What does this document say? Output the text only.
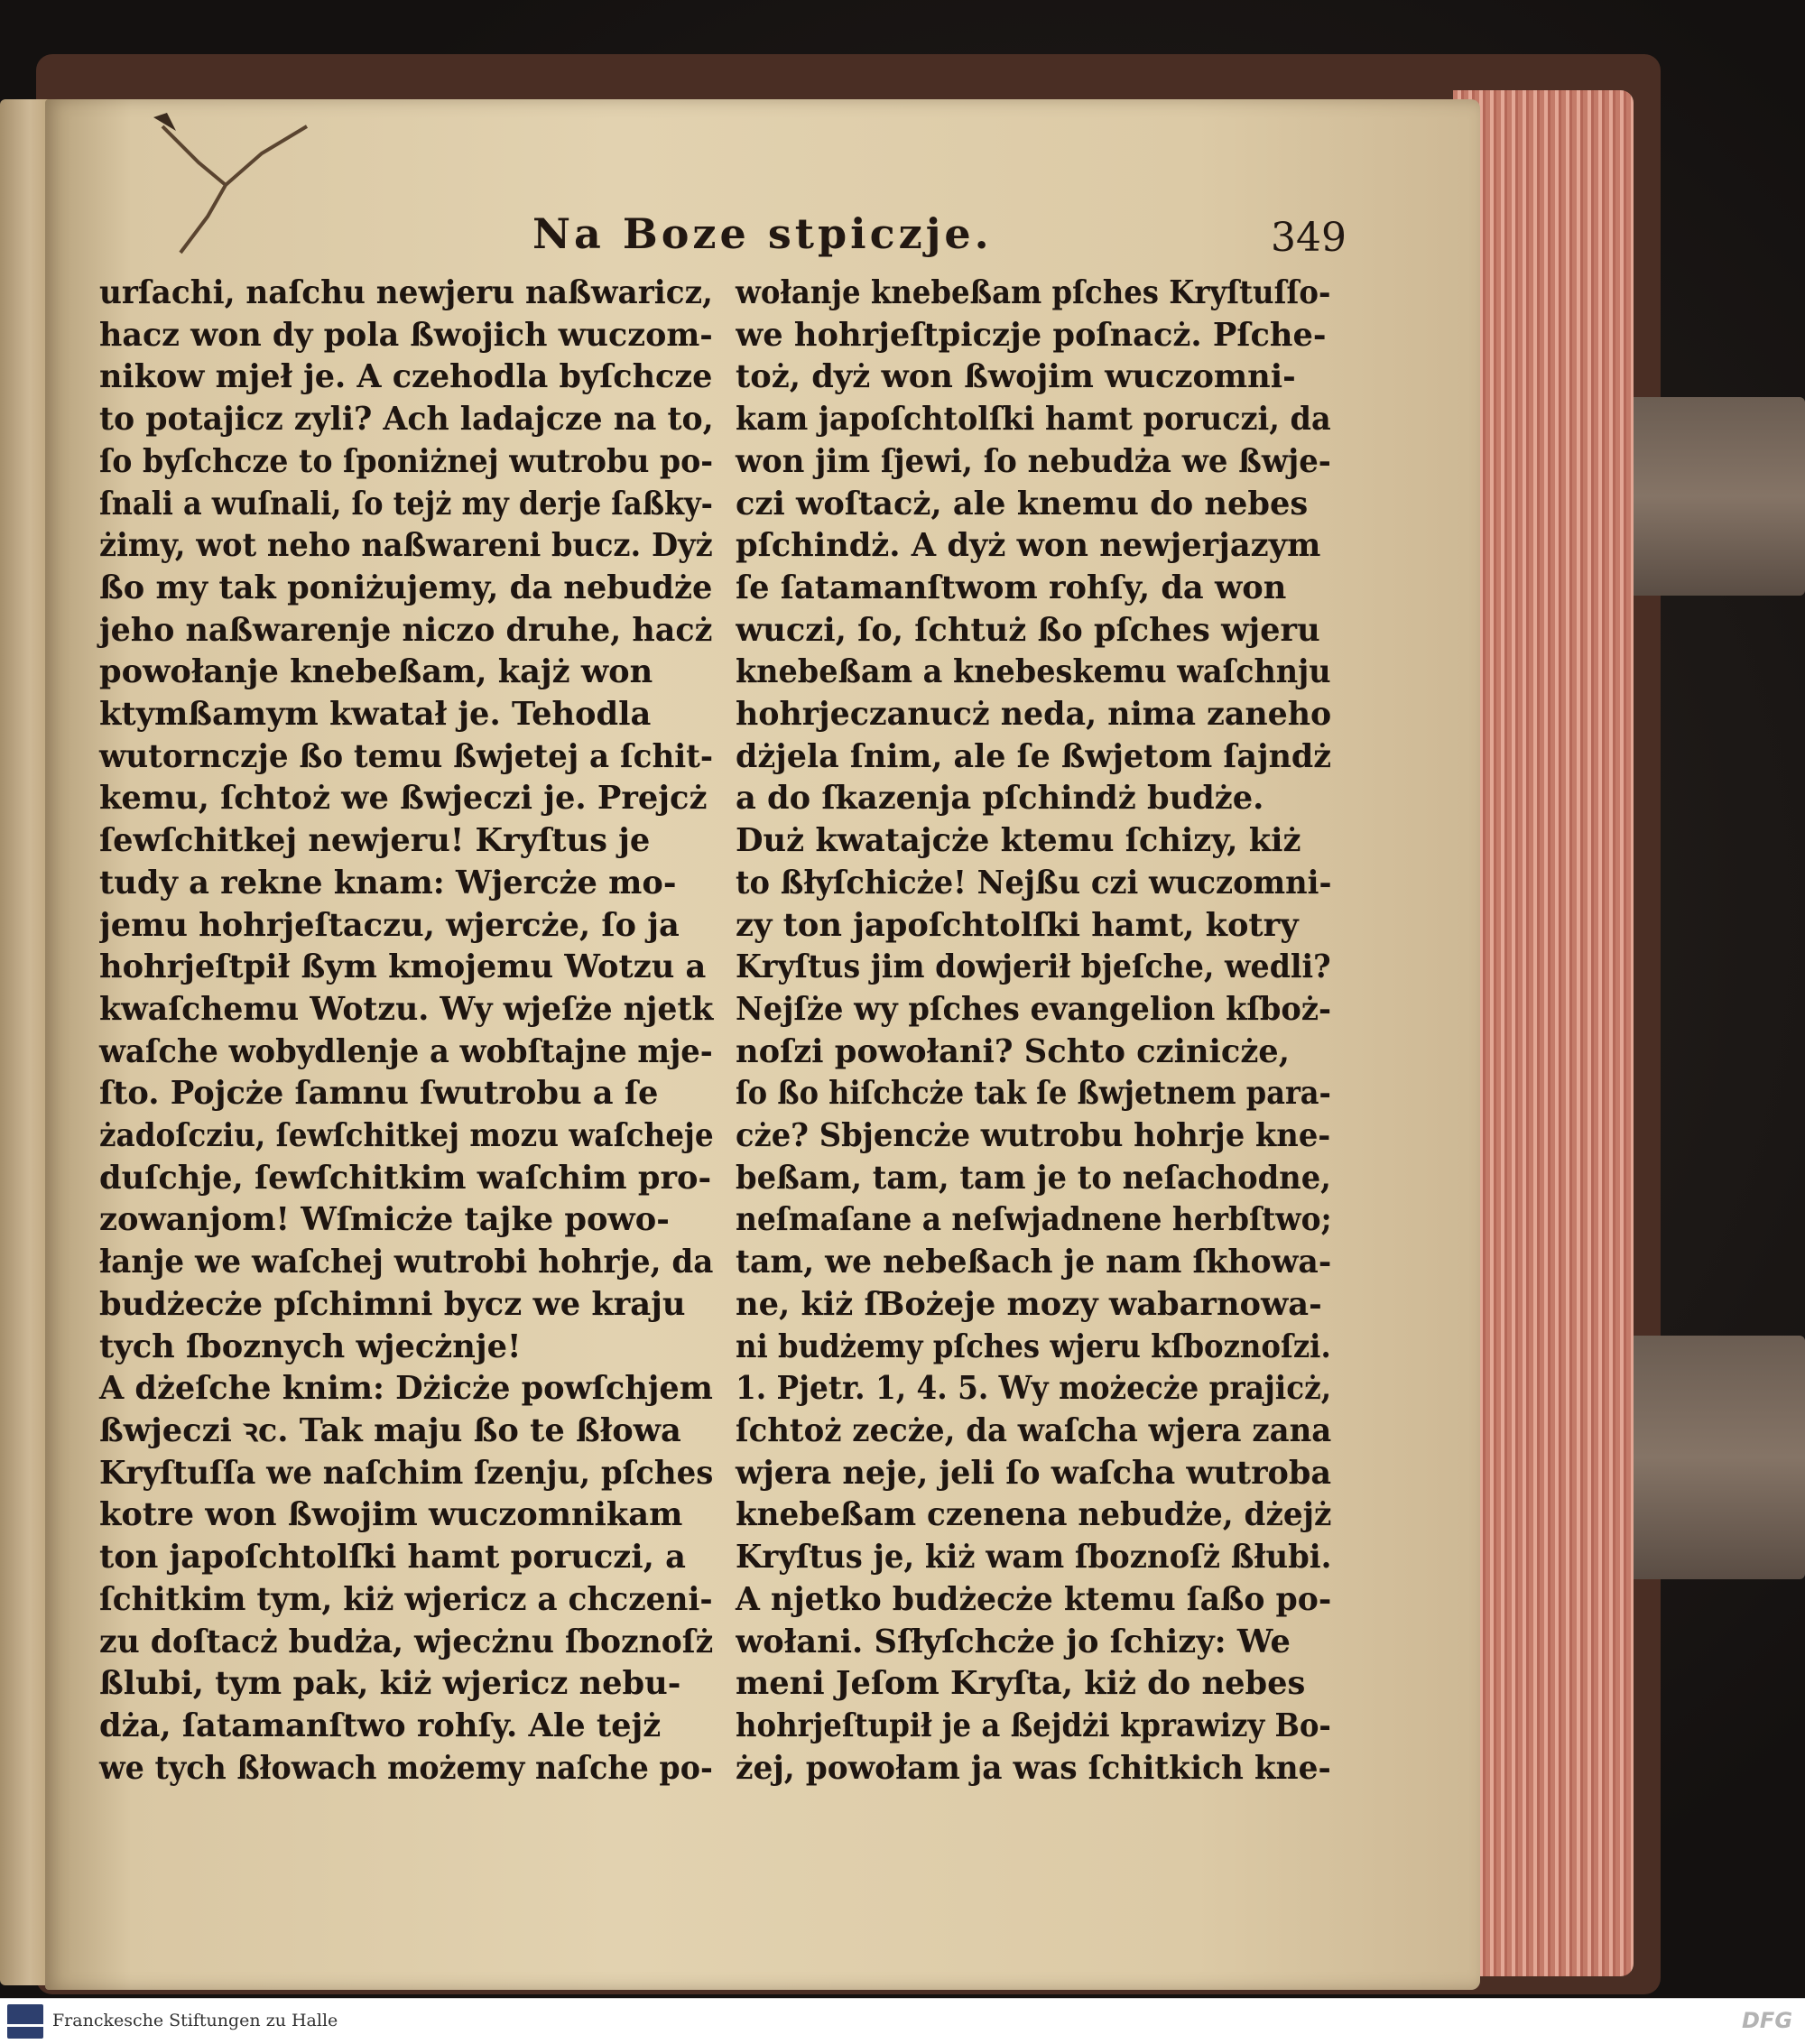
Na Boze stpiczje.	349
urſachi, naſchu newjeru naßwaricz,
hacz won dy pola ßwojich wuczom-
nikow mjeł je. A czehodla byſchcze
to potajicz zyli? Ach ladajcze na to,
ſo byſchcze to ſponiżnej wutrobu po-
ſnali a wuſnali, ſo tejż my derje ſaßky-
żimy, wot neho naßwareni bucz. Dyż
ßo my tak poniżujemy, da nebudże
jeho naßwarenje niczo druhe, hacż
powołanje knebeßam, kajż won
ktymßamym kwatał je. Tehodla
wutornczje ßo temu ßwjetej a ſchit-
kemu, ſchtoż we ßwjeczi je. Prejcż
ſewſchitkej newjeru! Kryſtus je
tudy a rekne knam: Wjercże mo-
jemu hohrjeſtaczu, wjercże, ſo ja
hohrjeſtpił ßym kmojemu Wotzu a
kwaſchemu Wotzu. Wy wjeſże njetk
waſche wobydlenje a wobſtajne mje-
ſto. Pojcże ſamnu ſwutrobu a ſe
żadoſcziu, ſewſchitkej mozu waſcheje
duſchje, ſewſchitkim waſchim pro-
zowanjom! Wſmicże tajke powo-
łanje we waſchej wutrobi hohrje, da
budżecże pſchimni bycz we kraju
tych ſboznych wjecżnje!
A dżeſche knim: Dżicże powſchjem
ßwjeczi ꝛc. Tak maju ßo te ßłowa
Kryſtuſſa we naſchim ſzenju, pſches
kotre won ßwojim wuczomnikam
ton japoſchtolſki hamt poruczi, a
ſchitkim tym, kiż wjericz a chczeni-
zu doſtacż budża, wjecżnu ſboznoſż
ßlubi, tym pak, kiż wjericz nebu-
dża, ſatamanſtwo rohſy. Ale tejż
we tych ßłowach możemy naſche po-
wołanje knebeßam pſches Kryſtuſſo-
we hohrjeſtpiczje poſnacż. Pſche-
toż, dyż won ßwojim wuczomni-
kam japoſchtolſki hamt poruczi, da
won jim ſjewi, ſo nebudża we ßwje-
czi woſtacż, ale knemu do nebes
pſchindż. A dyż won newjerjazym
ſe ſatamanſtwom rohſy, da won
wuczi, ſo, ſchtuż ßo pſches wjeru
knebeßam a knebeskemu waſchnju
hohrjeczanucż neda, nima zaneho
dżjela ſnim, ale ſe ßwjetom ſajndż
a do ſkazenja pſchindż budże.
Duż kwatajcże ktemu ſchizy, kiż
to ßłyſchicże! Nejßu czi wuczomni-
zy ton japoſchtolſki hamt, kotry
Kryſtus jim dowjerił bjeſche, wedli?
Nejſże wy pſches evangelion kſboż-
noſzi powołani? Schto czinicże,
ſo ßo hiſchcże tak ſe ßwjetnem para-
cże? Sbjencże wutrobu hohrje kne-
beßam, tam, tam je to neſachodne,
neſmaſane a neſwjadnene herbſtwo;
tam, we nebeßach je nam ſkhowa-
ne, kiż ſBożeje mozy wabarnowa-
ni budżemy pſches wjeru kſboznoſzi.
1. Pjetr. 1, 4. 5. Wy możecże prajicż,
ſchtoż zecże, da waſcha wjera zana
wjera neje, jeli ſo waſcha wutroba
knebeßam czenena nebudże, dżejż
Kryſtus je, kiż wam ſboznoſż ßłubi.
A njetko budżecże ktemu ſaßo po-
wołani. Sſłyſchcże jo ſchizy: We
meni Jeſom Kryſta, kiż do nebes
hohrjeſtupił je a ßejdżi kprawizy Bo-
żej, powołam ja was ſchitkich kne-
Franckesche Stiftungen zu Halle	DFG
